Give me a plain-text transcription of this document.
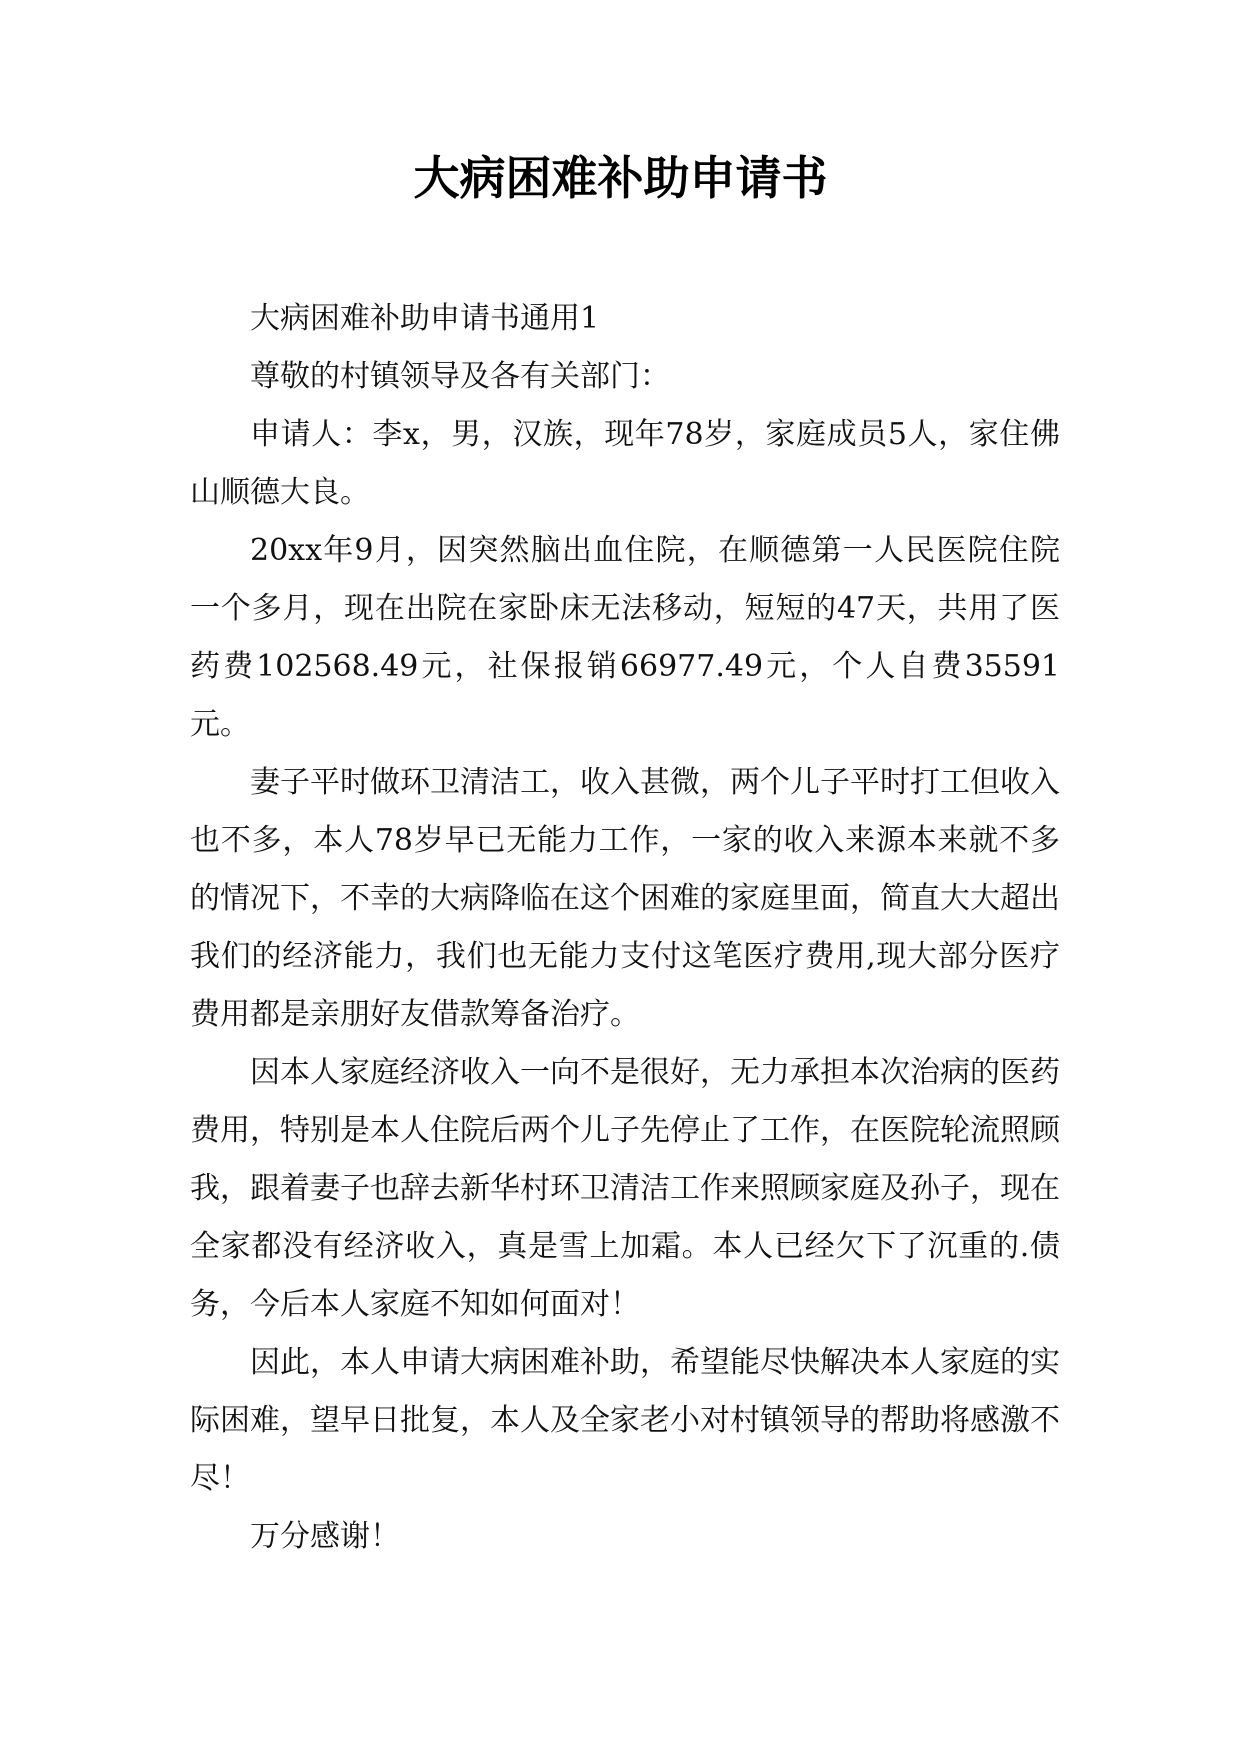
大病困难补助申请书

大病困难补助申请书通用1

尊敬的村镇领导及各有关部门：

申请人：李x，男，汉族，现年78岁，家庭成员5人，家住佛山顺德大良。

20xx年9月，因突然脑出血住院，在顺德第一人民医院住院一个多月，现在出院在家卧床无法移动，短短的47天，共用了医药费102568.49元，社保报销66977.49元，个人自费35591元。

妻子平时做环卫清洁工，收入甚微，两个儿子平时打工但收入也不多，本人78岁早已无能力工作，一家的收入来源本来就不多的情况下，不幸的大病降临在这个困难的家庭里面，简直大大超出我们的经济能力，我们也无能力支付这笔医疗费用,现大部分医疗费用都是亲朋好友借款筹备治疗。

因本人家庭经济收入一向不是很好，无力承担本次治病的医药费用，特别是本人住院后两个儿子先停止了工作，在医院轮流照顾我，跟着妻子也辞去新华村环卫清洁工作来照顾家庭及孙子，现在全家都没有经济收入，真是雪上加霜。本人已经欠下了沉重的.债务，今后本人家庭不知如何面对！

因此，本人申请大病困难补助，希望能尽快解决本人家庭的实际困难，望早日批复，本人及全家老小对村镇领导的帮助将感激不尽！

万分感谢！
